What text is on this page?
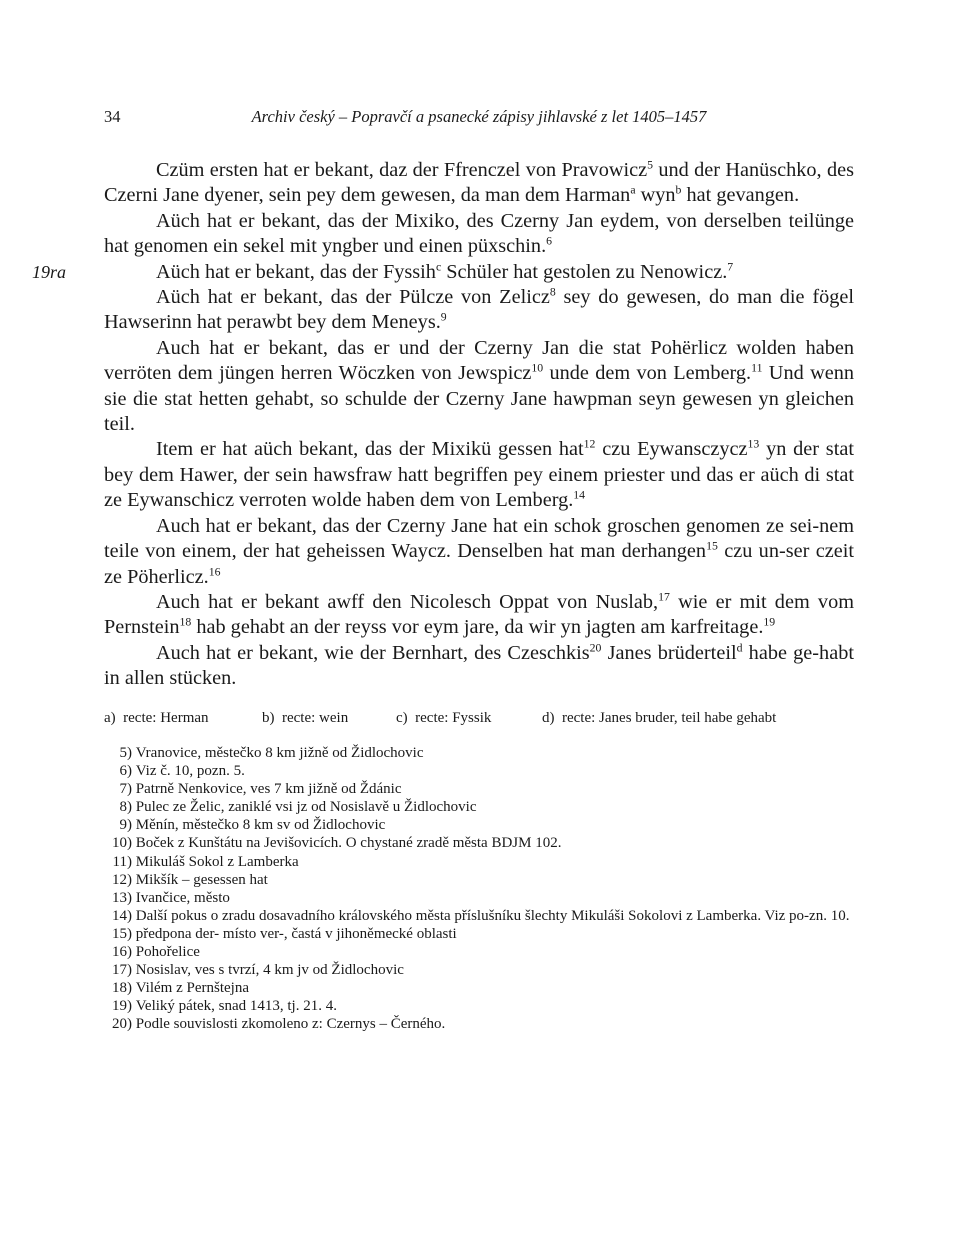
34	Archiv český – Popravčí a psanecké zápisy jihlavské z let 1405–1457
19ra

Czüm ersten hat er bekant, daz der Ffrenczel von Pravowicz$^5$ und der Hanüschko, des Czerni Jane dyener, sein pey dem gewesen, da man dem Harman$^a$ wyn$^b$ hat gevangen.

Aüch hat er bekant, das der Mixiko, des Czerny Jan eydem, von derselben teilünge hat genomen ein sekel mit yngber und einen püxschin.$^6$

Aüch hat er bekant, das der Fyssih$^c$ Schüler hat gestolen zu Nenowicz.$^7$

Aüch hat er bekant, das der Pülcze von Zelicz$^8$ sey do gewesen, do man die fögel Hawserinn hat perawbt bey dem Meneys.$^9$

Auch hat er bekant, das er und der Czerny Jan die stat Pohërlicz wolden haben verröten dem jüngen herren Wöczken von Jewspicz$^{10}$ unde dem von Lemberg.$^{11}$ Und wenn sie die stat hetten gehabt, so schulde der Czerny Jane hawpman seyn gewesen yn gleichen teil.

Item er hat aüch bekant, das der Mixikü gessen hat$^{12}$ czu Eywansczycz$^{13}$ yn der stat bey dem Hawer, der sein hawsfraw hatt begriffen pey einem priester und das er aüch di stat ze Eywanschicz verroten wolde haben dem von Lemberg.$^{14}$

Auch hat er bekant, das der Czerny Jane hat ein schok groschen genomen ze sei-nem teile von einem, der hat geheissen Waycz. Denselben hat man derhangen$^{15}$ czu un-ser czeit ze Pöherlicz.$^{16}$

Auch hat er bekant awff den Nicolesch Oppat von Nuslab,$^{17}$ wie er mit dem vom Pernstein$^{18}$ hab gehabt an der reyss vor eym jare, da wir yn jagten am karfreitage.$^{19}$

Auch hat er bekant, wie der Bernhart, des Czeschkis$^{20}$ Janes brüderteil$^d$ habe ge-habt in allen stücken.

a) recte: Herman	b) recte: wein	c) recte: Fyssik	d) recte: Janes bruder, teil habe gehabt
5)
Vranovice, městečko 8 km jižně od Židlochovic
6)
Viz č. 10, pozn. 5.
7)
Patrně Nenkovice, ves 7 km jižně od Ždánic
8)
Pulec ze Želic, zaniklé vsi jz od Nosislavě u Židlochovic
9)
Měnín, městečko 8 km sv od Židlochovic
10)
Boček z Kunštátu na Jevišovicích. O chystané zradě města BDJM 102.
11)
Mikuláš Sokol z Lamberka
12)
Mikšík – gesessen hat
13)
Ivančice, město
14)
Další pokus o zradu dosavadního královského města příslušníku šlechty Mikuláši Sokolovi z Lamberka. Viz po-zn. 10.
15)
předpona der- místo ver-, častá v jihoněmecké oblasti
16)
Pohořelice
17)
Nosislav, ves s tvrzí, 4 km jv od Židlochovic
18)
Vilém z Pernštejna
19)
Veliký pátek, snad 1413, tj. 21. 4.
20)
Podle souvislosti zkomoleno z: Czernys – Černého.
